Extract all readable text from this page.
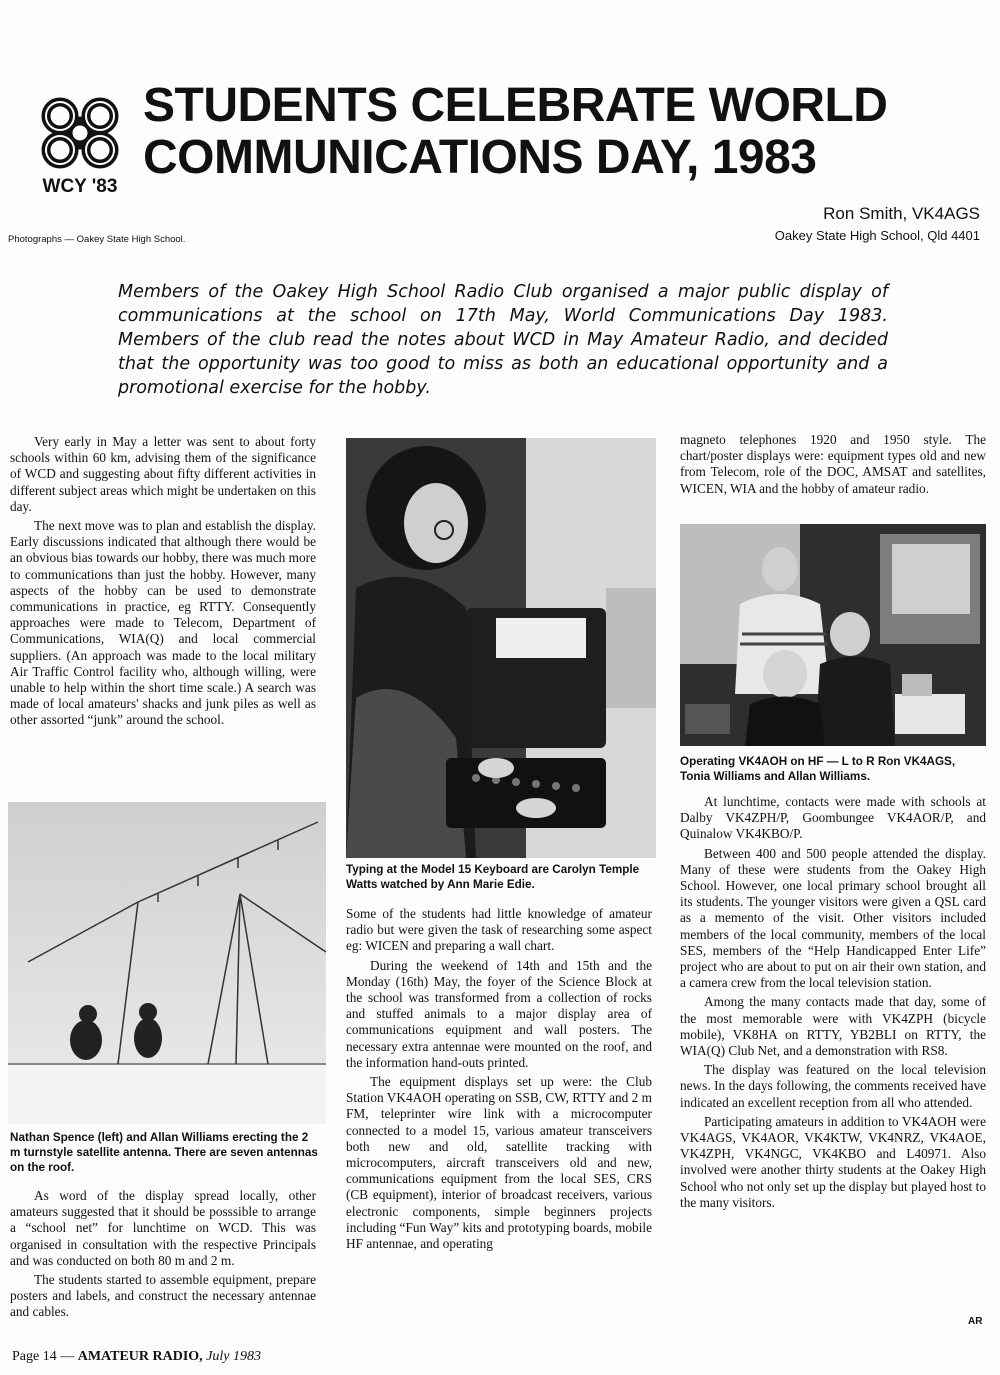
WCY '83
STUDENTS CELEBRATE WORLD COMMUNICATIONS DAY, 1983
Ron Smith, VK4AGS
Oakey State High School, Qld 4401
Photographs — Oakey State High School.

Members of the Oakey High School Radio Club organised a major public display of communications at the school on 17th May, World Communications Day 1983. Members of the club read the notes about WCD in May Amateur Radio, and decided that the opportunity was too good to miss as both an educational opportunity and a promotional exercise for the hobby.

Very early in May a letter was sent to about forty schools within 60 km, advising them of the significance of WCD and suggesting about fifty different activities in different subject areas which might be undertaken on this day.

The next move was to plan and establish the display. Early discussions indicated that although there would be an obvious bias towards our hobby, there was much more to communications than just the hobby. However, many aspects of the hobby can be used to demonstrate communications in practice, eg RTTY. Consequently approaches were made to Telecom, Department of Communications, WIA(Q) and local commercial suppliers. (An approach was made to the local military Air Traffic Control facility who, although willing, were unable to help within the short time scale.) A search was made of local amateurs' shacks and junk piles as well as other assorted “junk” around the school.

Nathan Spence (left) and Allan Williams erecting the 2 m turnstyle satellite antenna. There are seven antennas on the roof.

As word of the display spread locally, other amateurs suggested that it should be posssible to arrange a “school net” for lunchtime on WCD. This was organised in consultation with the respective Principals and was conducted on both 80 m and 2 m.

The students started to assemble equipment, prepare posters and labels, and construct the necessary antennae and cables.

Typing at the Model 15 Keyboard are Carolyn Temple Watts watched by Ann Marie Edie.

Some of the students had little knowledge of amateur radio but were given the task of researching some aspect eg: WICEN and preparing a wall chart.

During the weekend of 14th and 15th and the Monday (16th) May, the foyer of the Science Block at the school was transformed from a collection of rocks and stuffed animals to a major display area of communications equipment and wall posters. The necessary extra antennae were mounted on the roof, and the information hand-outs printed.

The equipment displays set up were: the Club Station VK4AOH operating on SSB, CW, RTTY and 2 m FM, teleprinter wire link with a microcomputer connected to a model 15, various amateur transceivers both new and old, satellite tracking with microcomputers, aircraft transceivers old and new, communications equipment from the local SES, CRS (CB equipment), interior of broadcast receivers, various electronic components, simple beginners projects including “Fun Way” kits and prototyping boards, mobile HF antennae, and operating

magneto telephones 1920 and 1950 style. The chart/poster displays were: equipment types old and new from Telecom, role of the DOC, AMSAT and satellites, WICEN, WIA and the hobby of amateur radio.

Operating VK4AOH on HF — L to R Ron VK4AGS, Tonia Williams and Allan Williams.

At lunchtime, contacts were made with schools at Dalby VK4ZPH/P, Goombungee VK4AOR/P, and Quinalow VK4KBO/P.

Between 400 and 500 people attended the display. Many of these were students from the Oakey High School. However, one local primary school brought all its students. The younger visitors were given a QSL card as a memento of the visit. Other visitors included members of the local community, members of the local SES, members of the “Help Handicapped Enter Life” project who are about to put on air their own station, and a camera crew from the local television station.

Among the many contacts made that day, some of the most memorable were with VK4ZPH (bicycle mobile), VK8HA on RTTY, YB2BLI on RTTY, the WIA(Q) Club Net, and a demonstration with RS8.

The display was featured on the local television news. In the days following, the comments received have indicated an excellent reception from all who attended.

Participating amateurs in addition to VK4AOH were VK4AGS, VK4AOR, VK4KTW, VK4NRZ, VK4AOE, VK4ZPH, VK4NGC, VK4KBO and L40971. Also involved were another thirty students at the Oakey High School who not only set up the display but played host to the many visitors.

AR
Page 14 — AMATEUR RADIO, July 1983
